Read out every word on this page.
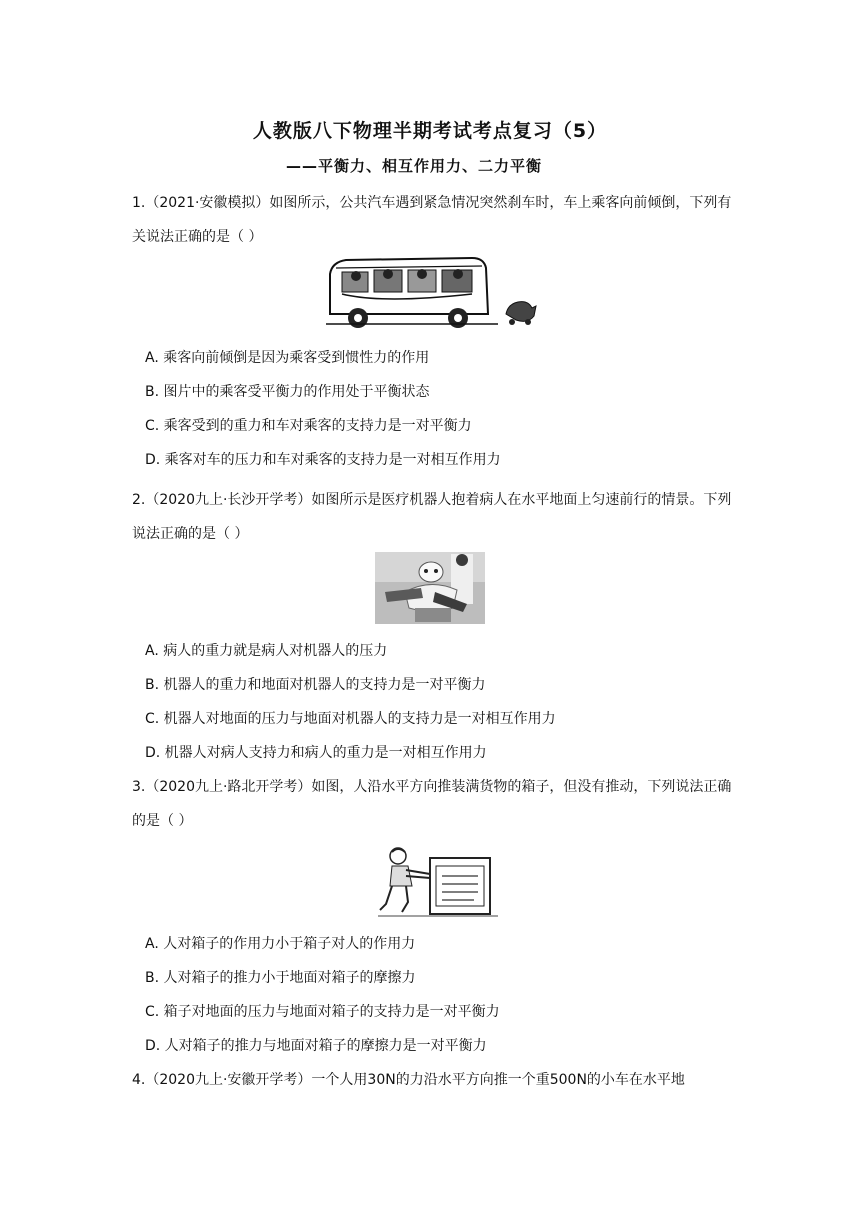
人教版八下物理半期考试考点复习（5）
——平衡力、相互作用力、二力平衡
1.（2021·安徽模拟）如图所示，公共汽车遇到紧急情况突然刹车时，车上乘客向前倾倒，下列有关说法正确的是（ ）
A. 乘客向前倾倒是因为乘客受到惯性力的作用
B. 图片中的乘客受平衡力的作用处于平衡状态
C. 乘客受到的重力和车对乘客的支持力是一对平衡力
D. 乘客对车的压力和车对乘客的支持力是一对相互作用力
2.（2020九上·长沙开学考）如图所示是医疗机器人抱着病人在水平地面上匀速前行的情景。下列说法正确的是（ ）
A. 病人的重力就是病人对机器人的压力
B. 机器人的重力和地面对机器人的支持力是一对平衡力
C. 机器人对地面的压力与地面对机器人的支持力是一对相互作用力
D. 机器人对病人支持力和病人的重力是一对相互作用力
3.（2020九上·路北开学考）如图，人沿水平方向推装满货物的箱子，但没有推动，下列说法正确的是（ ）
A. 人对箱子的作用力小于箱子对人的作用力
B. 人对箱子的推力小于地面对箱子的摩擦力
C. 箱子对地面的压力与地面对箱子的支持力是一对平衡力
D. 人对箱子的推力与地面对箱子的摩擦力是一对平衡力
4.（2020九上·安徽开学考）一个人用30N的力沿水平方向推一个重500N的小车在水平地
